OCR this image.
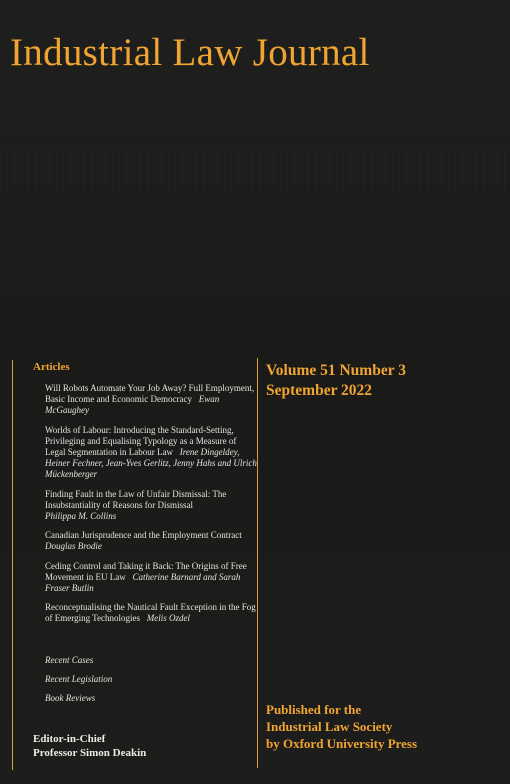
Industrial Law Journal
Articles
Will Robots Automate Your Job Away? Full Employment, Basic Income and Economic Democracy Ewan McGaughey
Worlds of Labour: Introducing the Standard-Setting, Privileging and Equalising Typology as a Measure of Legal Segmentation in Labour Law Irene Dingeldey, Heiner Fechner, Jean-Yves Gerlitz, Jenny Hahs and Ulrich Mückenberger
Finding Fault in the Law of Unfair Dismissal: The Insubstantiality of Reasons for Dismissal
Philippa M. Collins
Canadian Jurisprudence and the Employment Contract   Douglas Brodie
Ceding Control and Taking it Back: The Origins of Free Movement in EU Law Catherine Barnard and Sarah Fraser Butlin
Reconceptualising the Nautical Fault Exception in the Fog of Emerging Technologies Melis Ozdel
Recent Cases
Recent Legislation
Book Reviews
Editor-in-Chief
Professor Simon Deakin
Volume 51 Number 3
September 2022
Published for the
Industrial Law Society
by Oxford University Press
